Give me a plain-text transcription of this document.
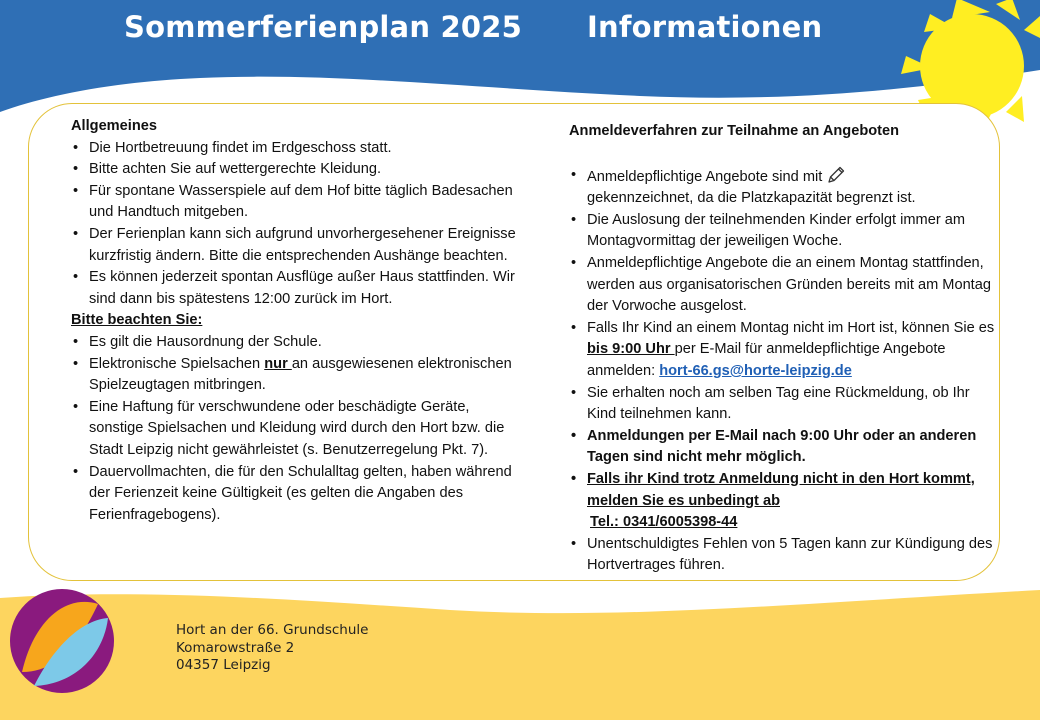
Sommerferienplan 2025 Informationen
Allgemeines
• Die Hortbetreuung findet im Erdgeschoss statt.
• Bitte achten Sie auf wettergerechte Kleidung.
• Für spontane Wasserspiele auf dem Hof bitte täglich Badesachen und Handtuch mitgeben.
• Der Ferienplan kann sich aufgrund unvorhergesehener Ereignisse kurzfristig ändern. Bitte die entsprechenden Aushänge beachten.
• Es können jederzeit spontan Ausflüge außer Haus stattfinden. Wir sind dann bis spätestens 12:00 zurück im Hort.
Bitte beachten Sie:
• Es gilt die Hausordnung der Schule.
• Elektronische Spielsachen nur an ausgewiesenen elektronischen Spielzeugtagen mitbringen.
• Eine Haftung für verschwundene oder beschädigte Geräte, sonstige Spielsachen und Kleidung wird durch den Hort bzw. die Stadt Leipzig nicht gewährleistet (s. Benutzerregelung Pkt. 7).
• Dauervollmachten, die für den Schulalltag gelten, haben während der Ferienzeit keine Gültigkeit (es gelten die Angaben des Ferienfragebogens).
Anmeldeverfahren zur Teilnahme an Angeboten
• Anmeldepflichtige Angebote sind mit
gekennzeichnet, da die Platzkapazität begrenzt ist.
• Die Auslosung der teilnehmenden Kinder erfolgt immer am Montagvormittag der jeweiligen Woche.
• Anmeldepflichtige Angebote die an einem Montag stattfinden, werden aus organisatorischen Gründen bereits mit am Montag der Vorwoche ausgelost.
• Falls Ihr Kind an einem Montag nicht im Hort ist, können Sie es bis 9:00 Uhr per E-Mail für anmeldepflichtige Angebote anmelden: hort-66.gs@horte-leipzig.de
• Sie erhalten noch am selben Tag eine Rückmeldung, ob Ihr Kind teilnehmen kann.
• Anmeldungen per E-Mail nach 9:00 Uhr oder an anderen Tagen sind nicht mehr möglich.
• Falls ihr Kind trotz Anmeldung nicht in den Hort kommt, melden Sie es unbedingt ab
Tel.: 0341/6005398-44
• Unentschuldigtes Fehlen von 5 Tagen kann zur Kündigung des Hortvertrages führen.
Hort an der 66. Grundschule
Komarowstraße 2
04357 Leipzig
